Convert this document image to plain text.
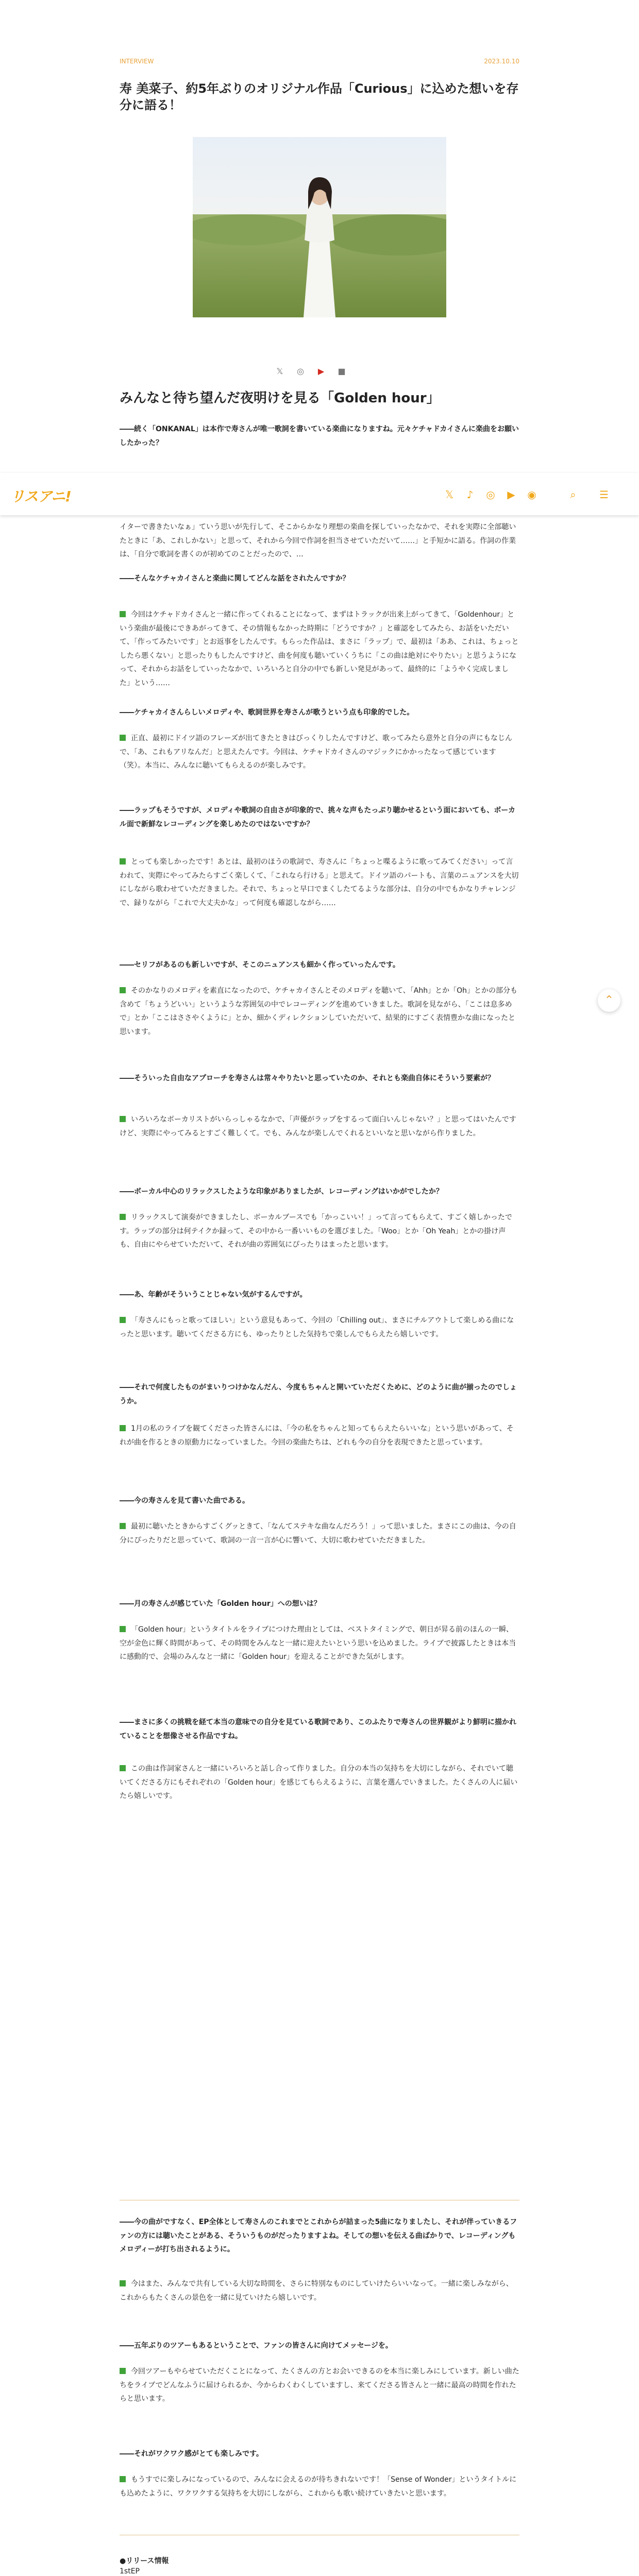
INTERVIEW	2023.10.10
寿 美菜子、約5年ぶりのオリジナル作品「Curious」に込めた想いを存分に語る！
𝕏 ◎	▶	■
みんなと待ち望んだ夜明けを見る「Golden hour」
――続く「ONKANAL」は本作で寿さんが唯一歌詞を書いている楽曲になりますね。元々ケチャドカイさんに楽曲をお願いしたかった？
リスアニ!	𝕏 ♪ ◎ ▶ ◉	⌕	☰
イターで書きたいなぁ」ていう思いが先行して、そこからかなり理想の楽曲を探していったなかで、それを実際に全部聴いたときに「あ、これしかない」と思って、それから今回で作詞を担当させていただいて……」と手短かに語る。作詞の作業は、「自分で歌詞を書くのが初めてのことだったので、…
――そんなケチャカイさんと楽曲に関してどんな話をされたんですか？
今回はケチャドカイさんと一緒に作ってくれることになって、まずはトラックが出来上がってきて、「Goldenhour」という楽曲が最後にできあがってきて、その情報もなかった時期に「どうですか？」と確認をしてみたら、お話をいただいて、「作ってみたいです」とお返事をしたんです。もらった作品は、まさに「ラップ」で、最初は「ああ、これは、ちょっとしたら悪くない」と思ったりもしたんですけど、曲を何度も聴いていくうちに「この曲は絶対にやりたい」と思うようになって、それからお話をしていったなかで、いろいろと自分の中でも新しい発見があって、最終的に「ようやく完成しました」という……
――ケチャカイさんらしいメロディや、歌詞世界を寿さんが歌うという点も印象的でした。
正直、最初にドイツ語のフレーズが出てきたときはびっくりしたんですけど、歌ってみたら意外と自分の声にもなじんで、「あ、これもアリなんだ」と思えたんです。今回は、ケチャドカイさんのマジックにかかったなって感じています（笑）。本当に、みんなに聴いてもらえるのが楽しみです。
――ラップもそうですが、メロディや歌詞の自由さが印象的で、挑々な声もたっぷり聴かせるという面においても、ボーカル面で新鮮なレコーディングを楽しめたのではないですか？
とっても楽しかったです！あとは、最初のほうの歌詞で、寿さんに「ちょっと喋るように歌ってみてください」って言われて、実際にやってみたらすごく楽しくて、「これなら行ける」と思えて。ドイツ語のパートも、言葉のニュアンスを大切にしながら歌わせていただきました。それで、ちょっと早口でまくしたてるような部分は、自分の中でもかなりチャレンジで、録りながら「これで大丈夫かな」って何度も確認しながら……
――セリフがあるのも新しいですが、そこのニュアンスも細かく作っていったんです。
そのかなりのメロディを素直になったので、ケチャカイさんとそのメロディを聴いて、「Ahh」とか「Oh」とかの部分も含めて「ちょうどいい」というような雰囲気の中でレコーディングを進めていきました。歌詞を見ながら、「ここは息多めで」とか「ここはささやくように」とか、細かくディレクションしていただいて、結果的にすごく表情豊かな曲になったと思います。
⌃
――そういった自由なアプローチを寿さんは常々やりたいと思っていたのか、それとも楽曲自体にそういう要素が？
いろいろなボーカリストがいらっしゃるなかで、「声優がラップをするって面白いんじゃない？」と思ってはいたんですけど、実際にやってみるとすごく難しくて。でも、みんなが楽しんでくれるといいなと思いながら作りました。
――ボーカル中心のリラックスしたような印象がありましたが、レコーディングはいかがでしたか？
リラックスして演奏ができましたし、ボーカルブースでも「かっこいい！」って言ってもらえて、すごく嬉しかったです。ラップの部分は何テイクか録って、その中から一番いいものを選びました。「Woo」とか「Oh Yeah」とかの掛け声も、自由にやらせていただいて、それが曲の雰囲気にぴったりはまったと思います。
――あ、年齢がそういうことじゃない気がするんですが。
「寿さんにもっと歌ってほしい」という意見もあって、今回の「Chilling out」、まさにチルアウトして楽しめる曲になったと思います。聴いてくださる方にも、ゆったりとした気持ちで楽しんでもらえたら嬉しいです。
――それで何度したものがまいりつけかなんだん、今度もちゃんと開いていただくために、どのように曲が揃ったのでしょうか。
1月の私のライブを観てくださった皆さんには、「今の私をちゃんと知ってもらえたらいいな」という思いがあって、それが曲を作るときの原動力になっていました。今回の楽曲たちは、どれも今の自分を表現できたと思っています。
――今の寿さんを見て書いた曲である。
最初に聴いたときからすごくグッときて、「なんてステキな曲なんだろう！」って思いました。まさにこの曲は、今の自分にぴったりだと思っていて、歌詞の一言一言が心に響いて、大切に歌わせていただきました。
――月の寿さんが感じていた「Golden hour」への想いは？
「Golden hour」というタイトルをライブにつけた理由としては、ベストタイミングで、朝日が昇る前のほんの一瞬、空が金色に輝く時間があって、その時間をみんなと一緒に迎えたいという思いを込めました。ライブで披露したときは本当に感動的で、会場のみんなと一緒に「Golden hour」を迎えることができた気がします。
――まさに多くの挑戦を経て本当の意味での自分を見ている歌詞であり、このふたりで寿さんの世界観がより鮮明に描かれていることを想像させる作品ですね。
この曲は作詞家さんと一緒にいろいろと話し合って作りました。自分の本当の気持ちを大切にしながら、それでいて聴いてくださる方にもそれぞれの「Golden hour」を感じてもらえるように、言葉を選んでいきました。たくさんの人に届いたら嬉しいです。
――今の曲がですなく、EP全体として寿さんのこれまでとこれからが詰まった5曲になりましたし、それが伴っていきるファンの方には聴いたことがある、そういうものがだったりますよね。そしての想いを伝える曲ばかりで、レコーディングもメロディーが打ち出されるように。
今はまた、みんなで共有している大切な時間を、さらに特別なものにしていけたらいいなって。一緒に楽しみながら、これからもたくさんの景色を一緒に見ていけたら嬉しいです。
――五年ぶりのツアーもあるということで、ファンの皆さんに向けてメッセージを。
今回ツアーもやらせていただくことになって、たくさんの方とお会いできるのを本当に楽しみにしています。新しい曲たちをライブでどんなふうに届けられるか、今からわくわくしていますし、来てくださる皆さんと一緒に最高の時間を作れたらと思います。
――それがワクワク感がとても楽しみです。
もうすでに楽しみになっているので、みんなに会えるのが待ちきれないです！「Sense of Wonder」というタイトルにも込めたように、ワクワクする気持ちを大切にしながら、これからも歌い続けていきたいと思います。
●リリース情報

1stEP
